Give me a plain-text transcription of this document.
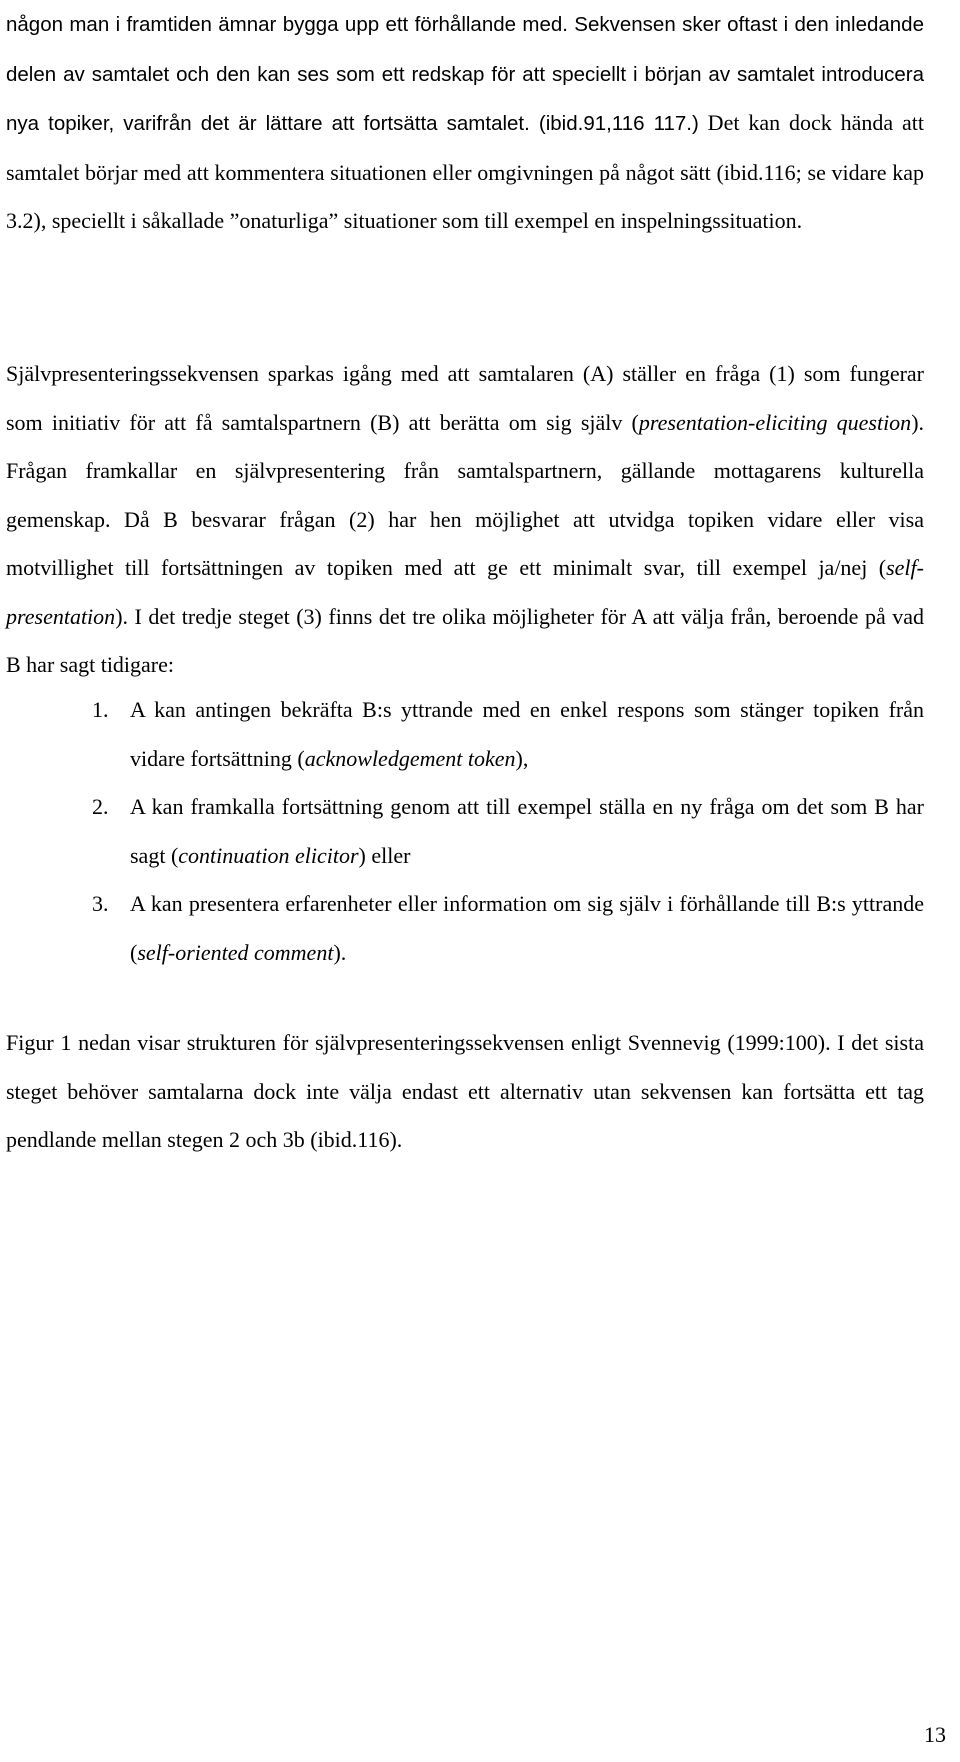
någon man i framtiden ämnar bygga upp ett förhållande med. Sekvensen sker oftast i den inledande delen av samtalet och den kan ses som ett redskap för att speciellt i början av samtalet introducera nya topiker, varifrån det är lättare att fortsätta samtalet. (ibid.91,116 117.) Det kan dock hända att samtalet börjar med att kommentera situationen eller omgivningen på något sätt (ibid.116; se vidare kap 3.2), speciellt i såkallade ”onaturliga” situationer som till exempel en inspelningssituation.

Självpresenteringssekvensen sparkas igång med att samtalaren (A) ställer en fråga (1) som fungerar som initiativ för att få samtalspartnern (B) att berätta om sig själv (presentation-eliciting question). Frågan framkallar en självpresentering från samtalspartnern, gällande mottagarens kulturella gemenskap. Då B besvarar frågan (2) har hen möjlighet att utvidga topiken vidare eller visa motvillighet till fortsättningen av topiken med att ge ett minimalt svar, till exempel ja/nej (self-presentation). I det tredje steget (3) finns det tre olika möjligheter för A att välja från, beroende på vad B har sagt tidigare:

1. A kan antingen bekräfta B:s yttrande med en enkel respons som stänger topiken från vidare fortsättning (acknowledgement token),
2. A kan framkalla fortsättning genom att till exempel ställa en ny fråga om det som B har sagt (continuation elicitor) eller
3. A kan presentera erfarenheter eller information om sig själv i förhållande till B:s yttrande (self-oriented comment).

Figur 1 nedan visar strukturen för självpresenteringssekvensen enligt Svennevig (1999:100). I det sista steget behöver samtalarna dock inte välja endast ett alternativ utan sekvensen kan fortsätta ett tag pendlande mellan stegen 2 och 3b (ibid.116).

13
